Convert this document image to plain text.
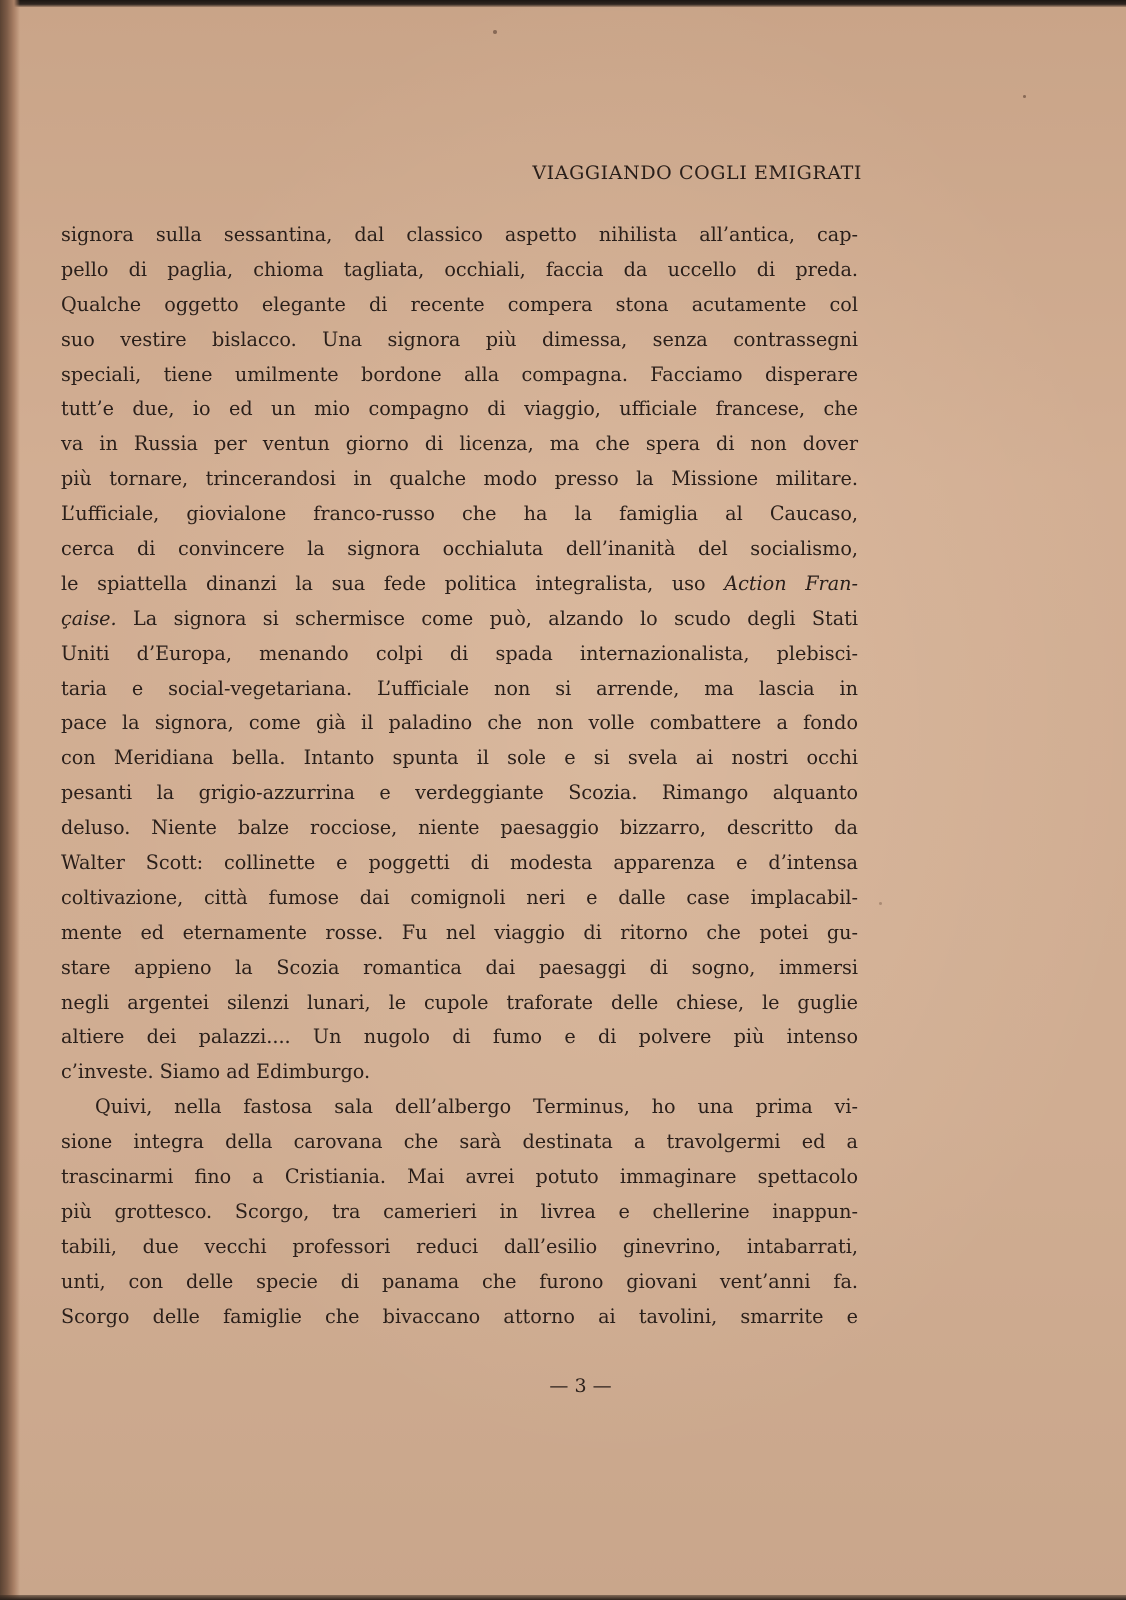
VIAGGIANDO COGLI EMIGRATI
signora sulla sessantina, dal classico aspetto nihilista all’antica, cap-
pello di paglia, chioma tagliata, occhiali, faccia da uccello di preda.
Qualche oggetto elegante di recente compera stona acutamente col
suo vestire bislacco. Una signora più dimessa, senza contrassegni
speciali, tiene umilmente bordone alla compagna. Facciamo disperare
tutt’e due, io ed un mio compagno di viaggio, ufficiale francese, che
va in Russia per ventun giorno di licenza, ma che spera di non dover
più tornare, trincerandosi in qualche modo presso la Missione militare.
L’ufficiale, giovialone franco-russo che ha la famiglia al Caucaso,
cerca di convincere la signora occhialuta dell’inanità del socialismo,
le spiattella dinanzi la sua fede politica integralista, uso Action Fran-
çaise. La signora si schermisce come può, alzando lo scudo degli Stati
Uniti d’Europa, menando colpi di spada internazionalista, plebisci-
taria e social-vegetariana. L’ufficiale non si arrende, ma lascia in
pace la signora, come già il paladino che non volle combattere a fondo
con Meridiana bella. Intanto spunta il sole e si svela ai nostri occhi
pesanti la grigio-azzurrina e verdeggiante Scozia. Rimango alquanto
deluso. Niente balze rocciose, niente paesaggio bizzarro, descritto da
Walter Scott: collinette e poggetti di modesta apparenza e d’intensa
coltivazione, città fumose dai comignoli neri e dalle case implacabil-
mente ed eternamente rosse. Fu nel viaggio di ritorno che potei gu-
stare appieno la Scozia romantica dai paesaggi di sogno, immersi
negli argentei silenzi lunari, le cupole traforate delle chiese, le guglie
altiere dei palazzi.... Un nugolo di fumo e di polvere più intenso
c’investe. Siamo ad Edimburgo.
Quivi, nella fastosa sala dell’albergo Terminus, ho una prima vi-
sione integra della carovana che sarà destinata a travolgermi ed a
trascinarmi fino a Cristiania. Mai avrei potuto immaginare spettacolo
più grottesco. Scorgo, tra camerieri in livrea e chellerine inappun-
tabili, due vecchi professori reduci dall’esilio ginevrino, intabarrati,
unti, con delle specie di panama che furono giovani vent’anni fa.
Scorgo delle famiglie che bivaccano attorno ai tavolini, smarrite e
— 3 —
